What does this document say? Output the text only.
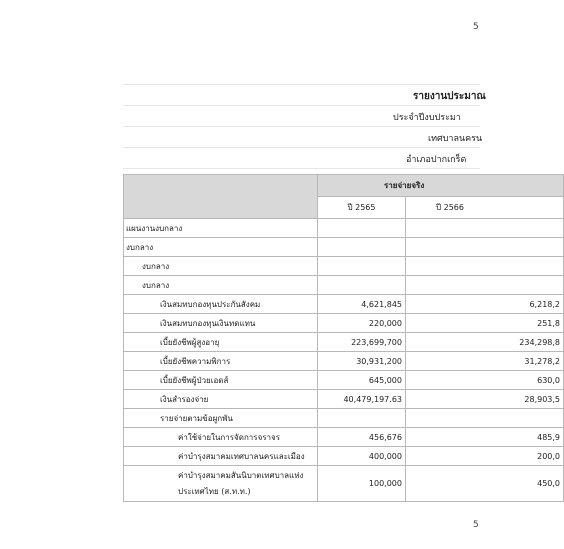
5
รายงานประมาณ
ประจำปีงบประมา
เทศบาลนครน
อำเภอปากเกร็ด
	รายจ่ายจริง	
	ปี 2565	ปี 2566
แผนงานงบกลาง		
งบกลาง		
งบกลาง		
งบกลาง		
เงินสมทบกองทุนประกันสังคม	4,621,845	6,218,2
เงินสมทบกองทุนเงินทดแทน	220,000	251,8
เบี้ยยังชีพผู้สูงอายุ	223,699,700	234,298,8
เบี้ยยังชีพความพิการ	30,931,200	31,278,2
เบี้ยยังชีพผู้ป่วยเอดส์	645,000	630,0
เงินสำรองจ่าย	40,479,197.63	28,903,5
รายจ่ายตามข้อผูกพัน		
ค่าใช้จ่ายในการจัดการจราจร	456,676	485,9
ค่าบำรุงสมาคมเทศบาลนครและเมือง	400,000	200,0

ค่าบำรุงสมาคมสันนิบาตเทศบาลแห่ง
ประเทศไทย (ส.ท.ท.)	100,000	450,0
5
